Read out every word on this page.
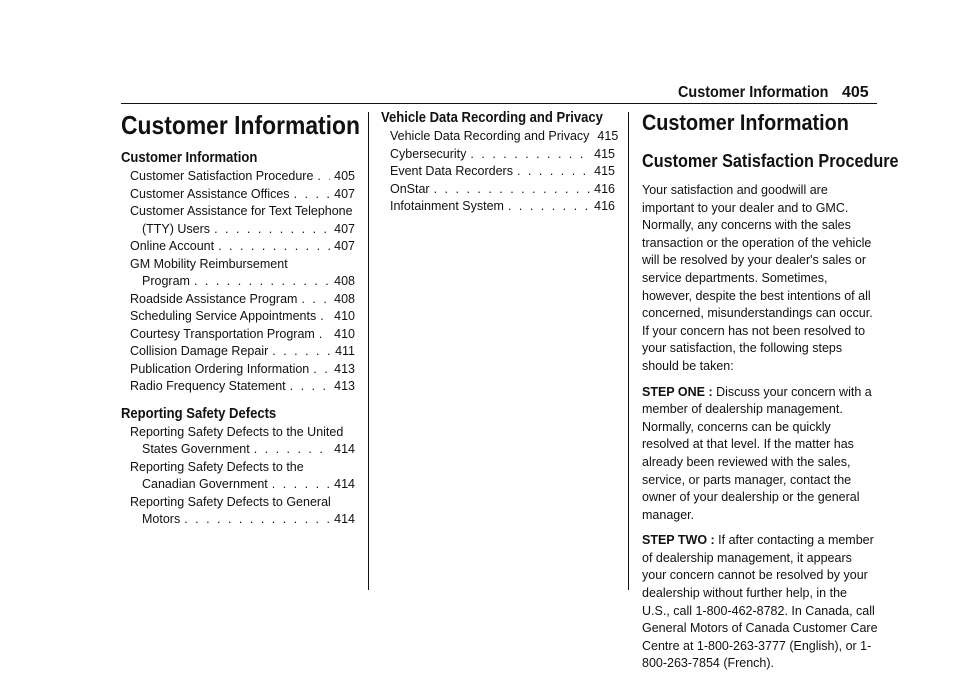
Customer Information 405
Customer Information
Customer Information
Customer Satisfaction Procedure . . . 405
Customer Assistance Offices . . .	407
Customer Assistance for Text Telephone
(TTY) Users . . .	407
Online Account . . .	407
GM Mobility Reimbursement
Program . . .	408
Roadside Assistance Program . . .	408
Scheduling Service Appointments . . . 410
Courtesy Transportation Program . . . 410
Collision Damage Repair . . .	411
Publication Ordering Information . . . 413
Radio Frequency Statement . . .	413
Reporting Safety Defects
Reporting Safety Defects to the United
States Government . . .	414
Reporting Safety Defects to the
Canadian Government . . .	414
Reporting Safety Defects to General
Motors . . .	414
Vehicle Data Recording and Privacy
Vehicle Data Recording and Privacy 415
Cybersecurity . . .	415
Event Data Recorders . . .	415
OnStar . . .	416
Infotainment System . . .	416
Customer Information
Customer Satisfaction Procedure

Your satisfaction and goodwill are important to your dealer and to GMC. Normally, any concerns with the sales transaction or the operation of the vehicle will be resolved by your dealer's sales or service departments. Sometimes, however, despite the best intentions of all concerned, misunderstandings can occur. If your concern has not been resolved to your satisfaction, the following steps should be taken:

STEP ONE : Discuss your concern with a member of dealership management. Normally, concerns can be quickly resolved at that level. If the matter has already been reviewed with the sales, service, or parts manager, contact the owner of your dealership or the general manager.

STEP TWO : If after contacting a member of dealership management, it appears your concern cannot be resolved by your dealership without further help, in the U.S., call 1-800-462-8782. In Canada, call General Motors of Canada Customer Care Centre at 1-800-263-3777 (English), or 1-800-263-7854 (French).
